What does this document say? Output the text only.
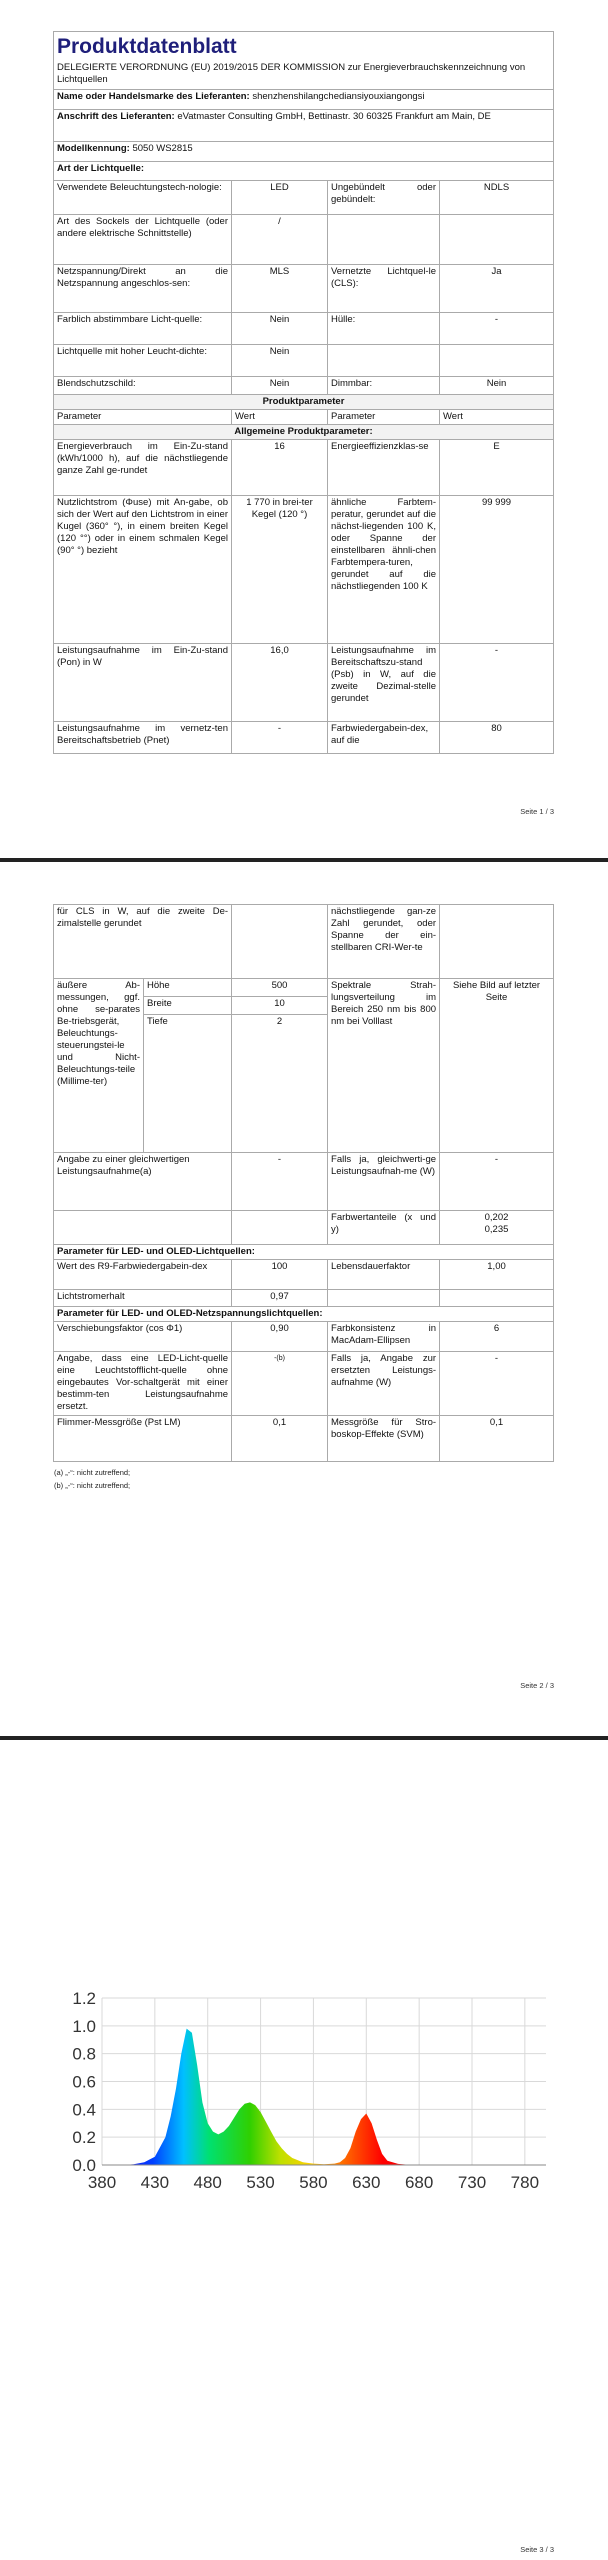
Produktdatenblatt
DELEGIERTE VERORDNUNG (EU) 2019/2015 DER KOMMISSION zur Energieverbrauchskennzeichnung von Lichtquellen			

Name oder Handelsmarke des Lieferanten: shenzhenshilangchediansiyouxiangongsi			
Anschrift des Lieferanten: eVatmaster Consulting GmbH, Bettinastr. 30 60325 Frankfurt am Main, DE			
Modellkennung: 5050 WS2815			
Art der Lichtquelle:			
Verwendete Beleuchtungstech-nologie:	LED	Ungebündelt oder gebündelt:	NDLS
Art des Sockels der Lichtquelle (oder andere elektrische Schnittstelle)	/		
Netzspannung/Direkt an die Netzspannung angeschlos-sen:	MLS	Vernetzte Lichtquel-le (CLS):	Ja
Farblich abstimmbare Licht-quelle:	Nein	Hülle:	-
Lichtquelle mit hoher Leucht-dichte:	Nein		
Blendschutzschild:	Nein	Dimmbar:	Nein
Produktparameter			
Parameter	Wert	Parameter	Wert
Allgemeine Produktparameter:			
Energieverbrauch im Ein-Zu-stand (kWh/1000 h), auf die nächstliegende ganze Zahl ge-rundet	16	Energieeffizienzklas-se	E
Nutzlichtstrom (Φuse) mit An-gabe, ob sich der Wert auf den Lichtstrom in einer Kugel (360° °), in einem breiten Kegel (120 °°) oder in einem schmalen Kegel (90° °) bezieht	1 770 in brei-ter Kegel (120 °)	ähnliche Farbtem-peratur, gerundet auf die nächst-liegenden 100 K, oder Spanne der einstellbaren ähnli-chen Farbtempera-turen, gerundet auf die nächstliegenden 100 K	99 999
Leistungsaufnahme im Ein-Zu-stand (Pon) in W	16,0	Leistungsaufnahme im Bereitschaftszu-stand (Psb) in W, auf die zweite Dezimal-stelle gerundet	-
Leistungsaufnahme im vernetz-ten Bereitschaftsbetrieb (Pnet)	-	Farbwiedergabein-dex, auf die	80
Seite 1 / 3
für CLS in W, auf die zweite De-zimalstelle gerundet			nächstliegende gan-ze Zahl gerundet, oder Spanne der ein-stellbaren CRI-Wer-te	
äußere Ab-messungen, ggf. ohne se-parates Be-triebsgerät, Beleuchtungs-steuerungstei-le und Nicht-Beleuchtungs-teile (Millime-ter)	Höhe	500	Spektrale Strah-lungsverteilung im Bereich 250 nm bis 800 nm bei Volllast	Siehe Bild auf letzter Seite
	Breite	10		
	Tiefe	2		
Angabe zu einer gleichwertigen Leistungsaufnahme(a)		-	Falls ja, gleichwerti-ge Leistungsaufnah-me (W)	-
			Farbwertanteile (x und y)	0,202
0,235

Parameter für LED- und OLED-Lichtquellen:				
Wert des R9-Farbwiedergabein-dex		100	Lebensdauerfaktor	1,00
Lichtstromerhalt		0,97		
Parameter für LED- und OLED-Netzspannungslichtquellen:				
Verschiebungsfaktor (cos Φ1)		0,90	Farbkonsistenz in MacAdam-Ellipsen	6
Angabe, dass eine LED-Licht-quelle eine Leuchtstofflicht-quelle ohne eingebautes Vor-schaltgerät mit einer bestimm-ten Leistungsaufnahme ersetzt.		-(b)	Falls ja, Angabe zur ersetzten Leistungs-aufnahme (W)	-
Flimmer-Messgröße (Pst LM)		0,1	Messgröße für Stro-boskop-Effekte (SVM)	0,1
(a) „-“: nicht zutreffend;
(b) „-“: nicht zutreffend;
Seite 2 / 3
Seite 3 / 3
0.0
0.2
0.4
0.6
0.8
1.0
1.2
380 430 480 530 580 630 680 730 780
